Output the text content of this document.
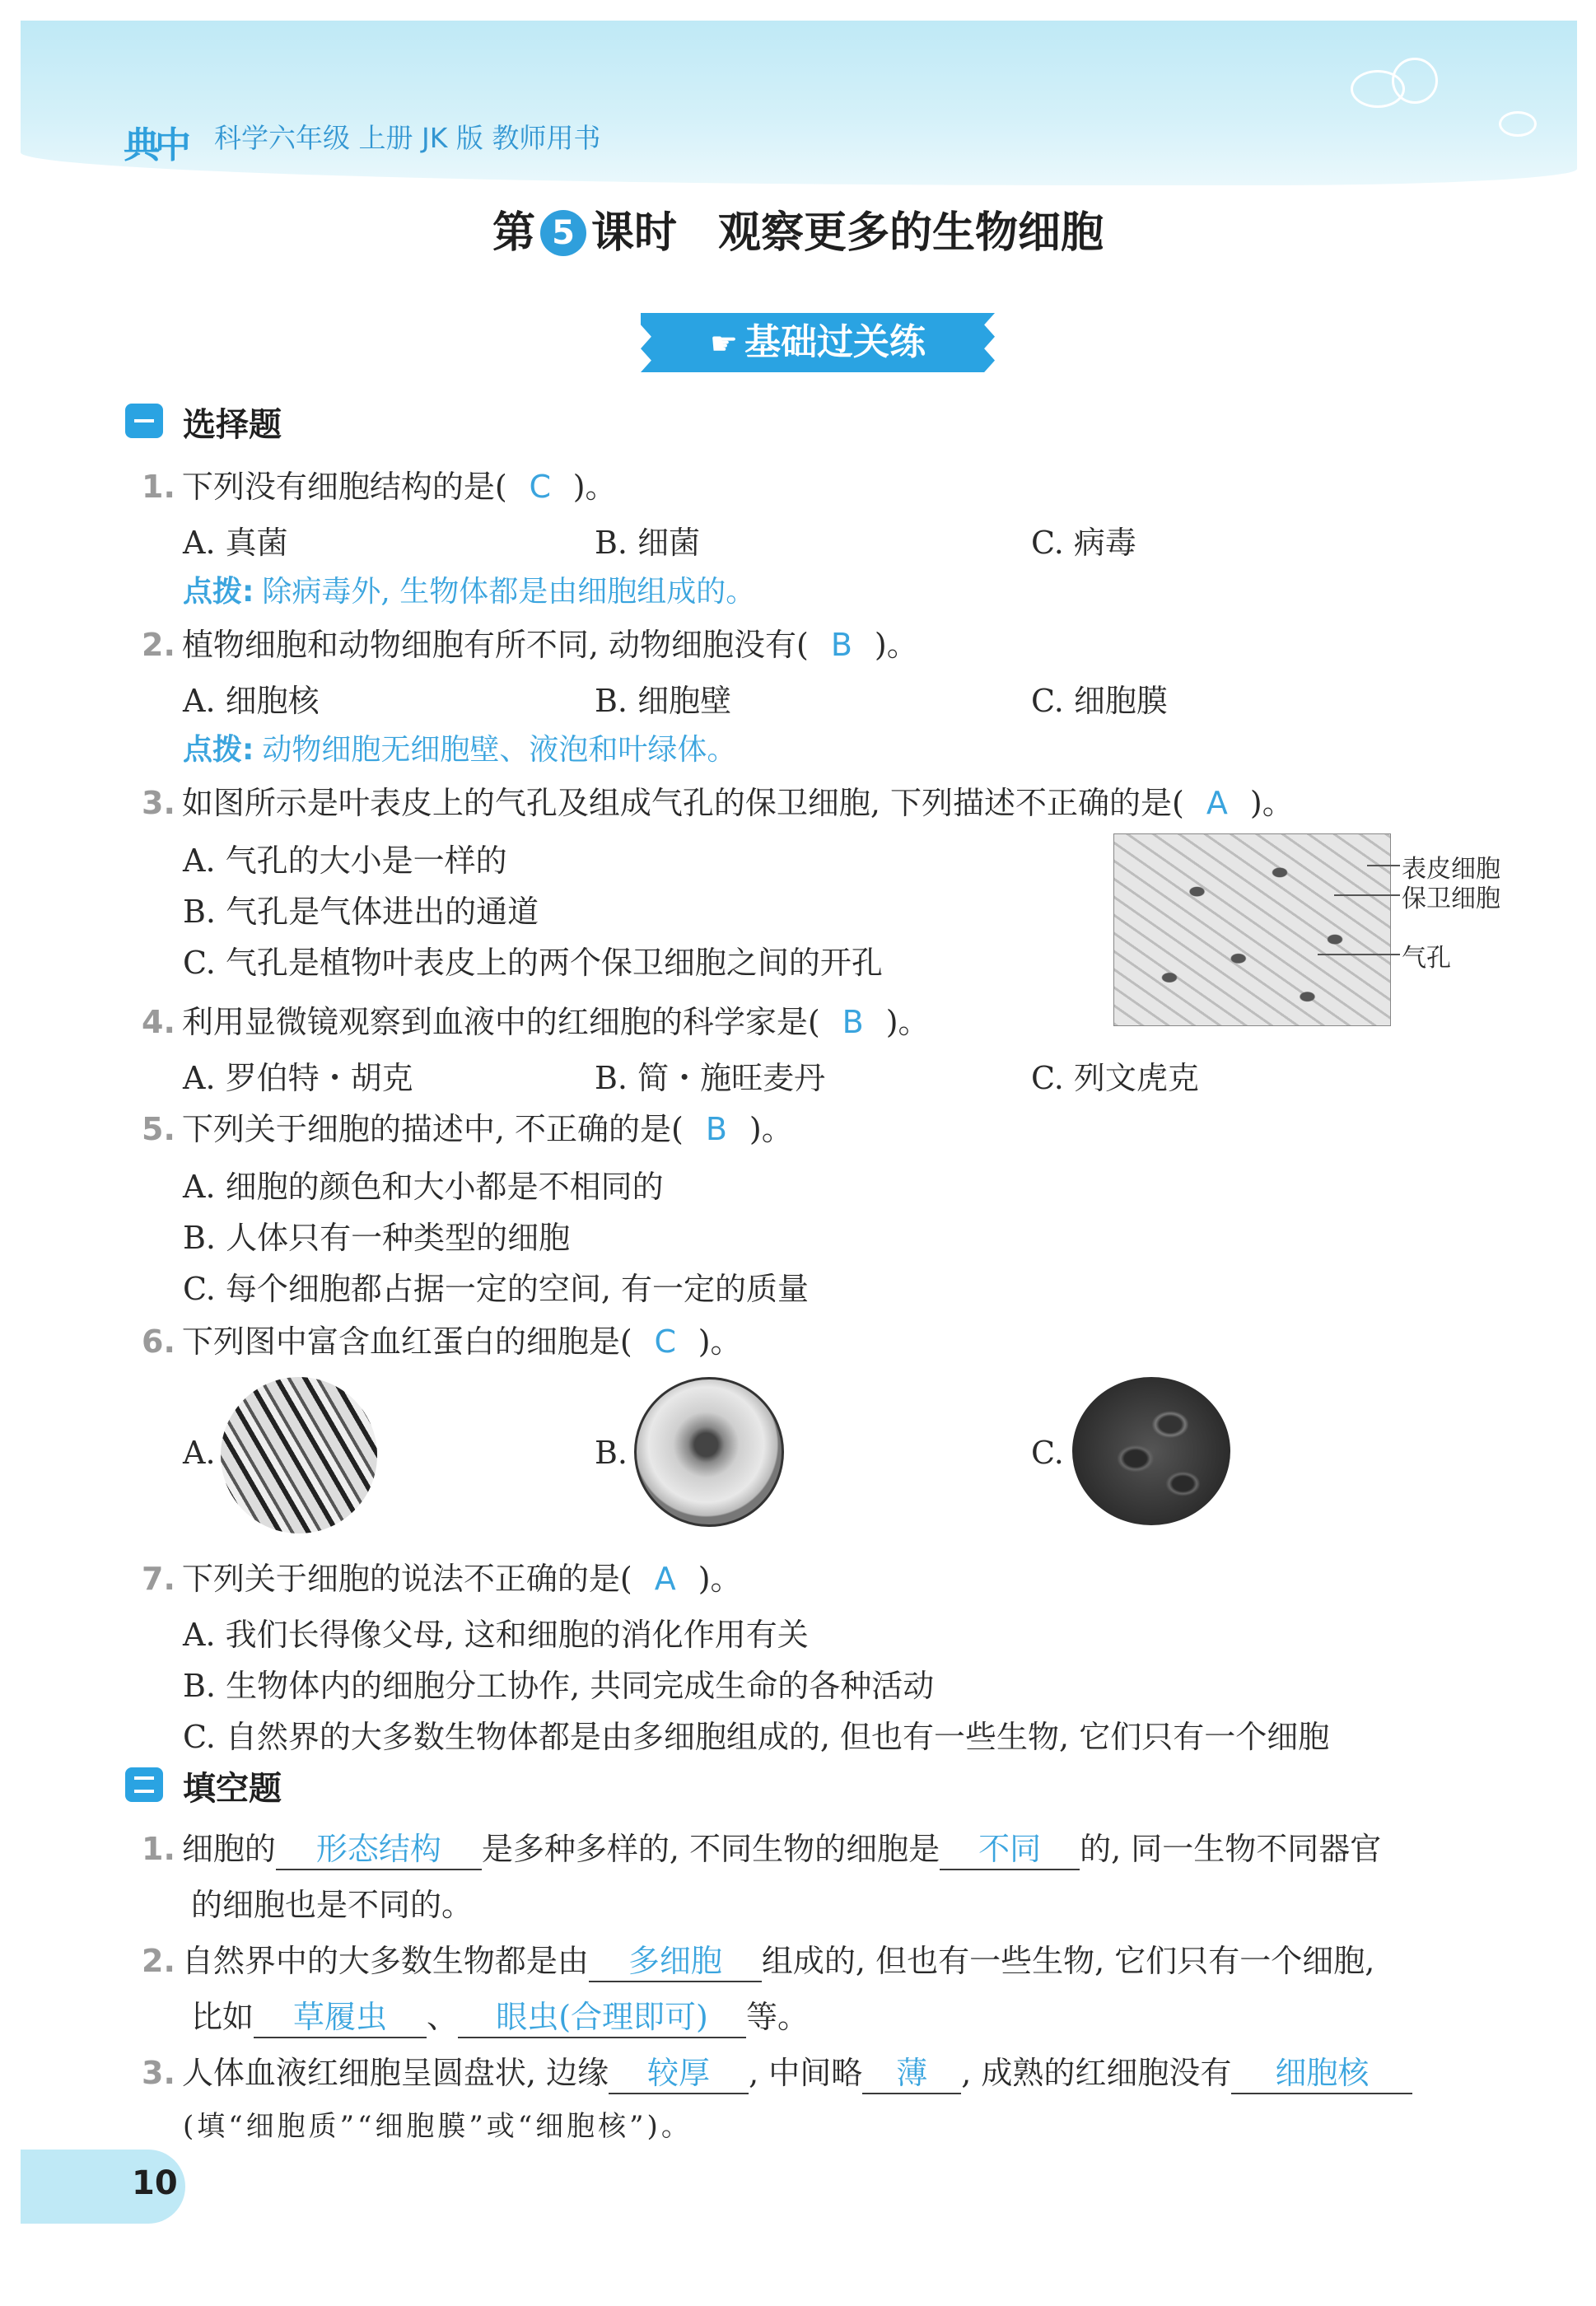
典中 科学六年级 上册 JK 版 教师用书
第 5 课时 观察更多的生物细胞
☛ 基础过关练
选择题
1. 下列没有细胞结构的是( C )。
A. 真菌	B. 细菌	C. 病毒
点拨: 除病毒外, 生物体都是由细胞组成的。
2. 植物细胞和动物细胞有所不同, 动物细胞没有( B )。
A. 细胞核	B. 细胞壁	C. 细胞膜
点拨: 动物细胞无细胞壁、液泡和叶绿体。
3. 如图所示是叶表皮上的气孔及组成气孔的保卫细胞, 下列描述不正确的是( A )。
A. 气孔的大小是一样的
B. 气孔是气体进出的通道
C. 气孔是植物叶表皮上的两个保卫细胞之间的开孔
表皮细胞
保卫细胞
气孔
4. 利用显微镜观察到血液中的红细胞的科学家是( B )。
A. 罗伯特・胡克	B. 简・施旺麦丹	C. 列文虎克
5. 下列关于细胞的描述中, 不正确的是( B )。
A. 细胞的颜色和大小都是不相同的
B. 人体只有一种类型的细胞
C. 每个细胞都占据一定的空间, 有一定的质量
6. 下列图中富含血红蛋白的细胞是( C )。
A.	B.	C.
7. 下列关于细胞的说法不正确的是( A )。
A. 我们长得像父母, 这和细胞的消化作用有关
B. 生物体内的细胞分工协作, 共同完成生命的各种活动
C. 自然界的大多数生物体都是由多细胞组成的, 但也有一些生物, 它们只有一个细胞
填空题
1. 细胞的 形态结构 是多种多样的, 不同生物的细胞是 不同 的, 同一生物不同器官
的细胞也是不同的。
2. 自然界中的大多数生物都是由 多细胞 组成的, 但也有一些生物, 它们只有一个细胞,
比如 草履虫 、 眼虫(合理即可) 等。
3. 人体血液红细胞呈圆盘状, 边缘 较厚 , 中间略 薄 , 成熟的红细胞没有 细胞核
(填“细胞质”“细胞膜”或“细胞核”)。
10
